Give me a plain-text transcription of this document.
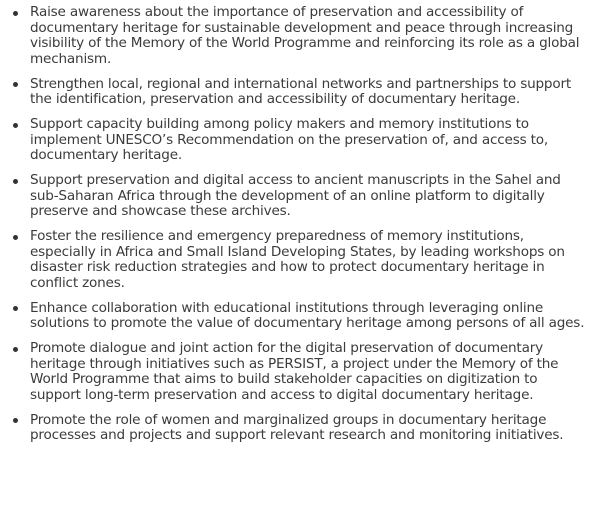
Raise awareness about the importance of preservation and accessibility of documentary heritage for sustainable development and peace through increasing visibility of the Memory of the World Programme and reinforcing its role as a global mechanism.
Strengthen local, regional and international networks and partnerships to support the identification, preservation and accessibility of documentary heritage.
Support capacity building among policy makers and memory institutions to implement UNESCO’s Recommendation on the preservation of, and access to, documentary heritage.
Support preservation and digital access to ancient manuscripts in the Sahel and sub-Saharan Africa through the development of an online platform to digitally preserve and showcase these archives.
Foster the resilience and emergency preparedness of memory institutions, especially in Africa and Small Island Developing States, by leading workshops on disaster risk reduction strategies and how to protect documentary heritage in conflict zones.
Enhance collaboration with educational institutions through leveraging online solutions to promote the value of documentary heritage among persons of all ages.
Promote dialogue and joint action for the digital preservation of documentary heritage through initiatives such as PERSIST, a project under the Memory of the World Programme that aims to build stakeholder capacities on digitization to support long-term preservation and access to digital documentary heritage.
Promote the role of women and marginalized groups in documentary heritage processes and projects and support relevant research and monitoring initiatives.
